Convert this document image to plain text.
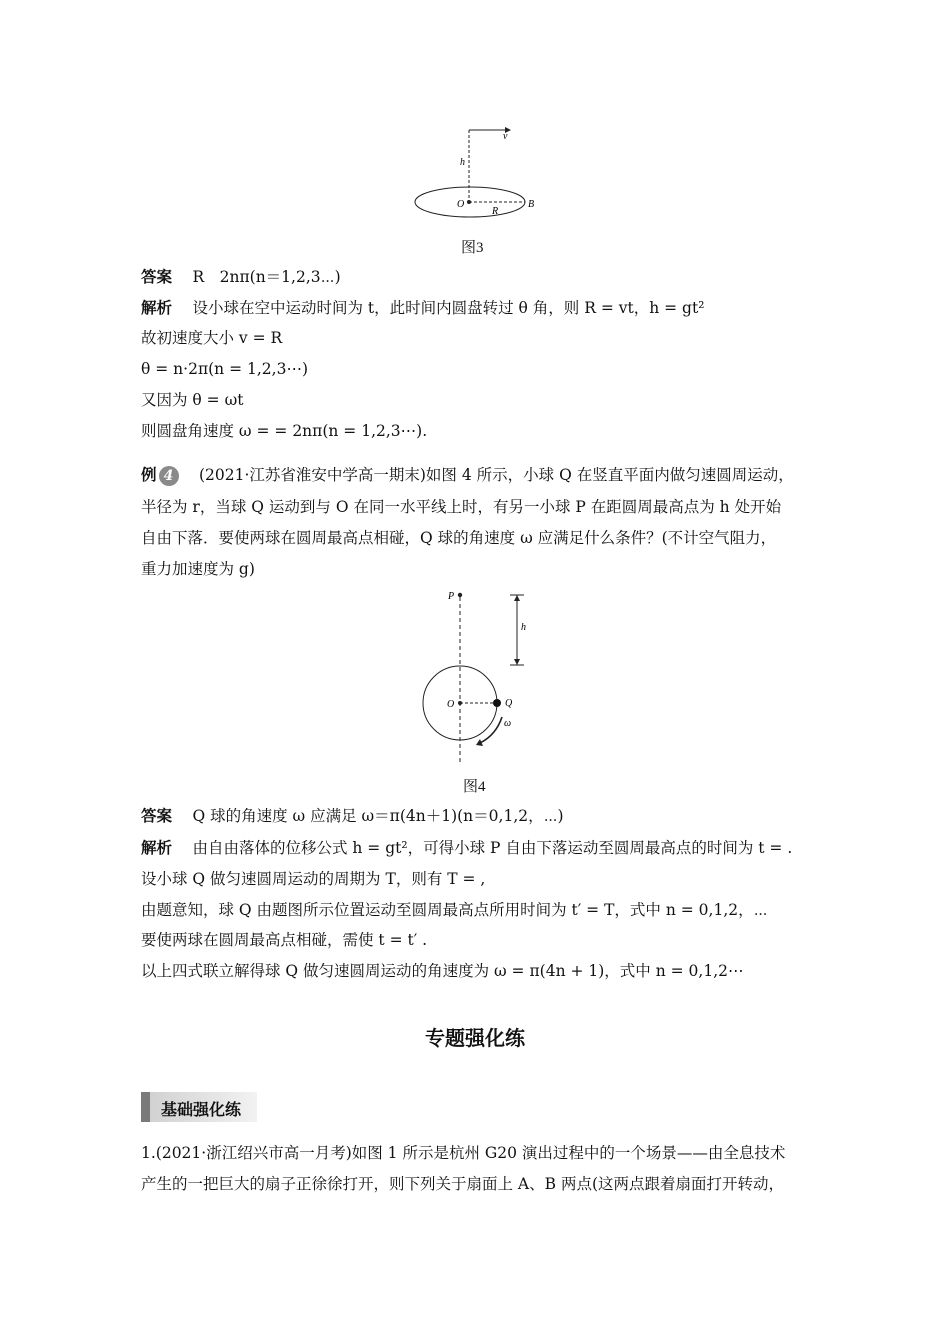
v
h
O
R
B
图3
答案　 R　2nπ(n＝1,2,3⋯)
解析　 设小球在空中运动时间为 t，此时间内圆盘转过 θ 角，则 R = vt，h = gt²
故初速度大小 v = R
θ = n·2π(n = 1,2,3⋯)
又因为 θ = ωt
则圆盘角速度 ω = = 2nπ(n = 1,2,3⋯).
例 4　 (2021·江苏省淮安中学高一期末)如图 4 所示，小球 Q 在竖直平面内做匀速圆周运动，
半径为 r，当球 Q 运动到与 O 在同一水平线上时，有另一小球 P 在距圆周最高点为 h 处开始
自由下落．要使两球在圆周最高点相碰，Q 球的角速度 ω 应满足什么条件？(不计空气阻力，
重力加速度为 g)
P
h
O	Q
ω
图4
答案　 Q 球的角速度 ω 应满足 ω＝π(4n＋1)(n＝0,1,2，⋯)
解析　 由自由落体的位移公式 h = gt²，可得小球 P 自由下落运动至圆周最高点的时间为 t = .
设小球 Q 做匀速圆周运动的周期为 T，则有 T = ,
由题意知，球 Q 由题图所示位置运动至圆周最高点所用时间为 t′ = T，式中 n = 0,1,2，⋯
要使两球在圆周最高点相碰，需使 t = t′ .
以上四式联立解得球 Q 做匀速圆周运动的角速度为 ω = π(4n + 1)，式中 n = 0,1,2⋯
专题强化练
基础强化练
1.(2021·浙江绍兴市高一月考)如图 1 所示是杭州 G20 演出过程中的一个场景——由全息技术
产生的一把巨大的扇子正徐徐打开，则下列关于扇面上 A、B 两点(这两点跟着扇面打开转动，
